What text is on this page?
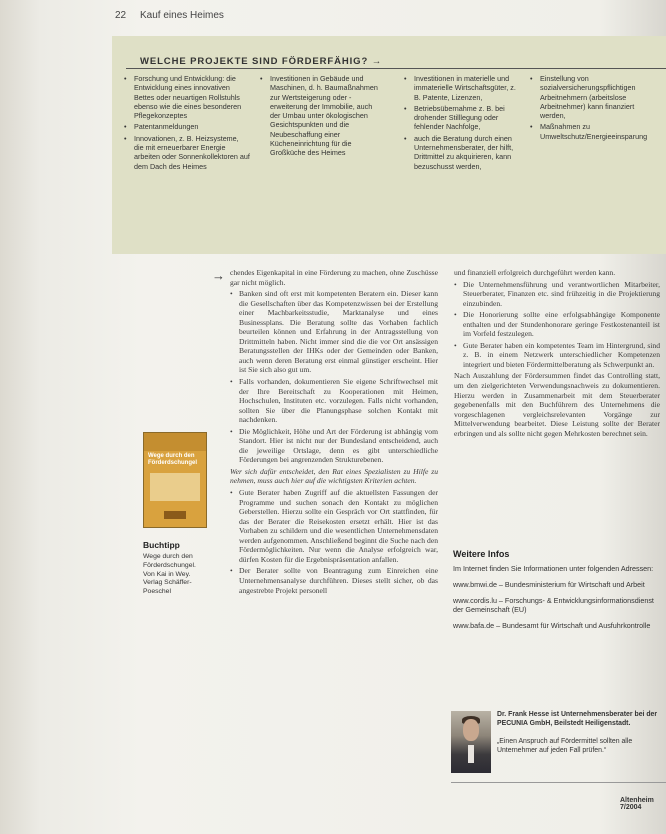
22 Kauf eines Heimes
WELCHE PROJEKTE SIND FÖRDERFÄHIG? →
• Forschung und Entwicklung: die Entwicklung eines innovativen Bettes oder neuartigen Rollstuhls ebenso wie die eines besonderen Pflegekonzeptes
• Patentanmeldungen
• Innovationen, z. B. Heizsysteme, die mit erneuerbarer Energie arbeiten oder Sonnenkollektoren auf dem Dach des Heimes
• Investitionen in Gebäude und Maschinen, d. h. Baumaßnahmen zur Wertsteigerung oder -erweiterung der Immobilie, auch der Umbau unter ökologischen Gesichtspunkten und die Neubeschaffung einer Kücheneinrichtung für die Großküche des Heimes
• Investitionen in materielle und immaterielle Wirtschaftsgüter, z. B. Patente, Lizenzen,
• Betriebsübernahme z. B. bei drohender Stilllegung oder fehlender Nachfolge,
• auch die Beratung durch einen Unternehmensberater, der hilft, Drittmittel zu akquirieren, kann bezuschusst werden,
• Einstellung von sozialversicherungspflichtigen Arbeitnehmern (arbeitslose Arbeitnehmer) kann finanziert werden,
• Maßnahmen zu Umweltschutz/Energieeinsparung
→ chendes Eigenkapital in eine Förderung zu machen, ohne Zuschüsse gar nicht möglich.

• Banken sind oft erst mit kompetenten Beratern ein. Dieser kann die Gesellschaften über das Kompetenzwissen bei der Erstellung einer Machbarkeitsstudie, Marktanalyse und eines Businessplans. Die Beratung sollte das Vorhaben fachlich beurteilen können und Erfahrung in der Antragsstellung von Drittmitteln haben. Nicht immer sind die die vor Ort ansässigen Beratungsstellen der IHKs oder der Gemeinden oder Banken, auch wenn deren Beratung erst einmal günstiger erscheint. Hier ist Sie sich also gut um.
• Falls vorhanden, dokumentieren Sie eigene Schriftwechsel mit der Ihre Bereitschaft zu Kooperationen mit Heimen, Hochschulen, Instituten etc. vorzulegen. Falls nicht vorhanden, sollten Sie über die Planungsphase solchen Kontakt mit nachdenken.
• Die Möglichkeit, Höhe und Art der Förderung ist abhängig vom Standort. Hier ist nicht nur der Bundesland entscheidend, auch die jeweilige Ortslage, denn es gibt unterschiedliche Förderungen bei angrenzenden Strukturebenen.

Wer sich dafür entscheidet, den Rat eines Spezialisten zu Hilfe zu nehmen, muss auch hier auf die wichtigsten Kriterien achten.

• Gute Berater haben Zugriff auf die aktuellsten Fassungen der Programme und suchen sonach den Kontakt zu möglichen Geberstellen. Hierzu sollte ein Gespräch vor Ort stattfinden, für das der Berater die Reisekosten ersetzt erhält. Hier ist das Vorhaben zu schildern und die wesentlichen Unternehmensdaten werden aufgenommen. Anschließend beginnt die Suche nach den Fördermöglichkeiten. Nur wenn die Analyse erfolgreich war, dürfen Kosten für die Ergebnispräsentation anfallen.
• Der Berater sollte von Beantragung zum Einreichen eine Unternehmensanalyse durchführen. Dieses stellt sicher, ob das angestrebte Projekt personell

und finanziell erfolgreich durchgeführt werden kann.

• Die Unternehmensführung und verantwortlichen Mitarbeiter, Steuerberater, Finanzen etc. sind frühzeitig in die Projektierung einzubinden.
• Die Honorierung sollte eine erfolgsabhängige Komponente enthalten und der Stundenhonorare geringe Festkostenanteil ist im Vorfeld festzulegen.
• Gute Berater haben ein kompetentes Team im Hintergrund, sind z. B. in einem Netzwerk unterschiedlicher Kompetenzen integriert und bieten Fördermittelberatung als Schwerpunkt an.

Nach Auszahlung der Fördersummen findet das Controlling statt, um den zielgerichteten Verwendungsnachweis zu dokumentieren. Hierzu werden in Zusammenarbeit mit dem Steuerberater gegebenenfalls mit den Buchführern des Unternehmens die vorgeschlagenen vergleichsrelevanten Vorgänge zur Mittelverwendung bearbeitet. Diese Leistung sollte der Berater erbringen und als sollte nicht gegen Mehrkosten berechnet sein.

Wege durch den Förderdschungel
Buchtipp
Wege durch den Förderdschungel. Von Kai in Wey. Verlag Schäffer-Poeschel
Weitere Infos

Im Internet finden Sie Informationen unter folgenden Adressen:

www.bmwi.de – Bundesministerium für Wirtschaft und Arbeit

www.cordis.lu – Forschungs- & Entwicklungsinformationsdienst der Gemeinschaft (EU)

www.bafa.de – Bundesamt für Wirtschaft und Ausfuhrkontrolle

Dr. Frank Hesse ist Unternehmensberater bei der PECUNIA GmbH, Beilstedt Heiligenstadt.
„Einen Anspruch auf Fördermittel sollten alle Unternehmer auf jeden Fall prüfen.“
Altenheim 7/2004
